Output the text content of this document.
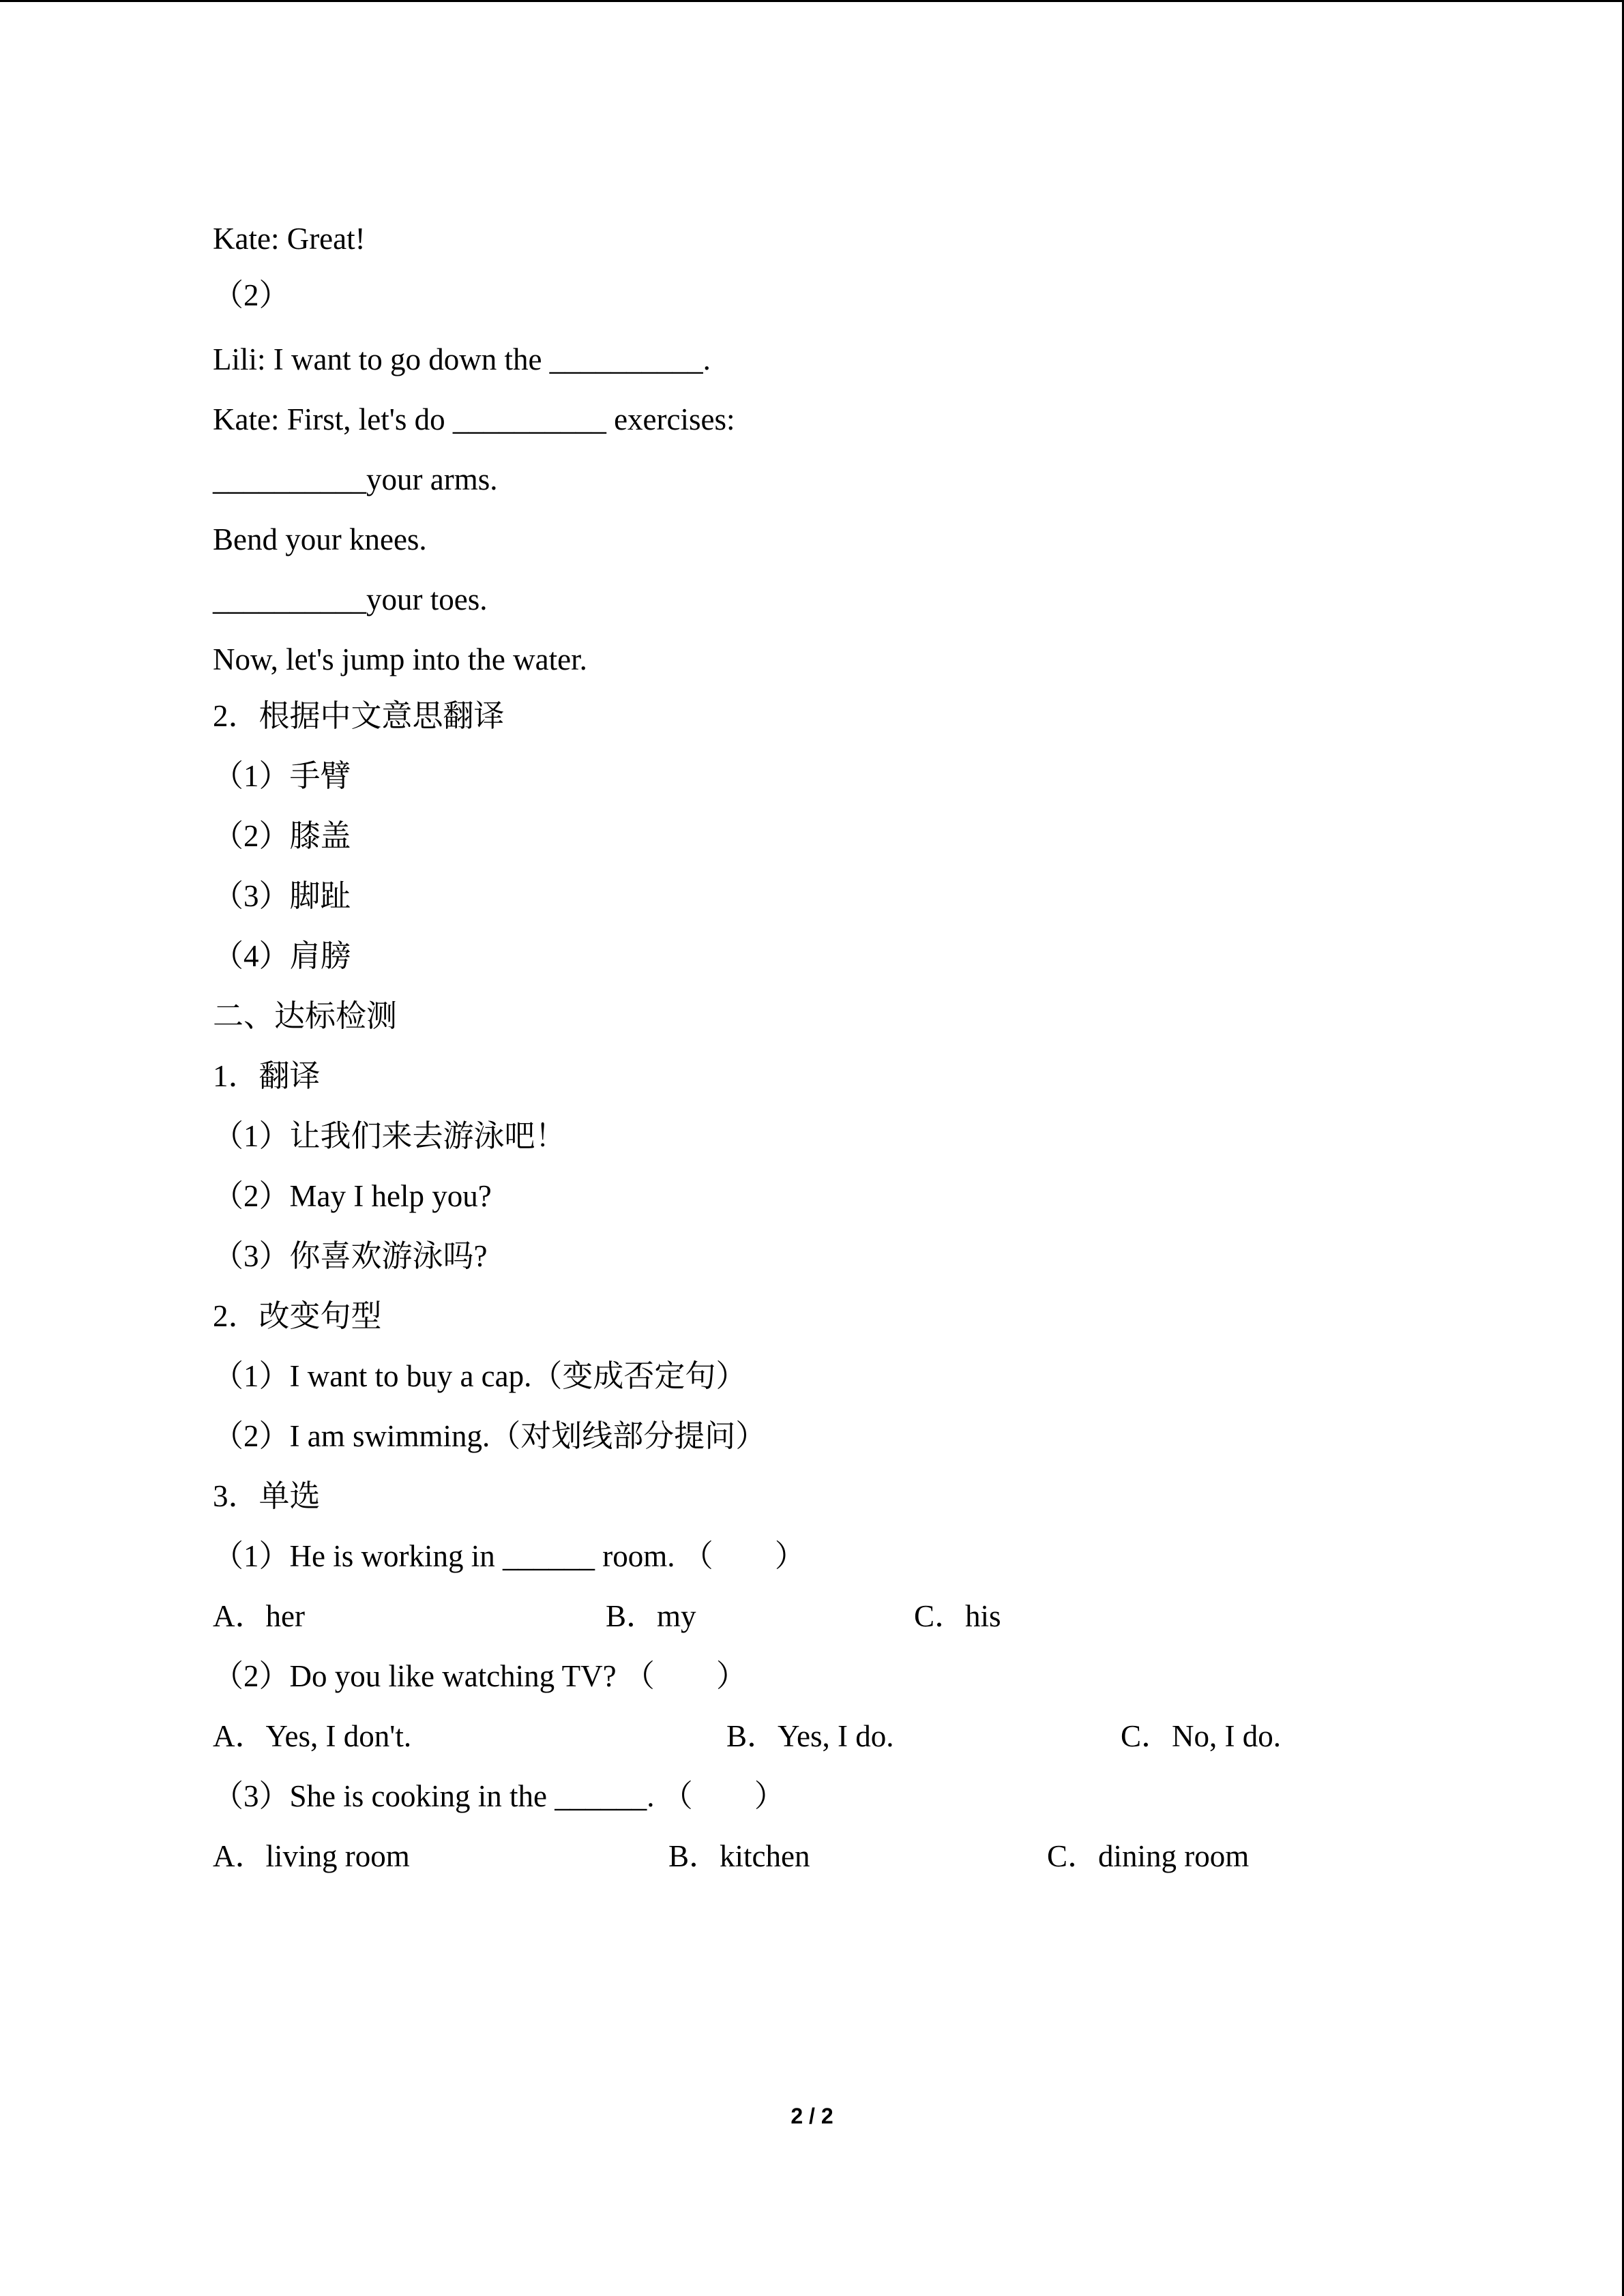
Kate: Great!
（2）
Lili: I want to go down the __________.
Kate: First, let's do __________ exercises:
__________your arms.
Bend your knees.
__________your toes.
Now, let's jump into the water.
2．根据中文意思翻译
（1）手臂
（2）膝盖
（3）脚趾
（4）肩膀
二、达标检测
1．翻译
（1）让我们来去游泳吧！
（2）May I help you?
（3）你喜欢游泳吗?
2．改变句型
（1）I want to buy a cap.（变成否定句）
（2）I am swimming.（对划线部分提问）
3．单选
（1）He is working in ______ room. （　　）
A．her	B．my	C．his
（2）Do you like watching TV? （　　）
A．Yes, I don't.	B．Yes, I do.	C．No, I do.
（3）She is cooking in the ______. （　　）
A．living room	B．kitchen	C．dining room
2 / 2
